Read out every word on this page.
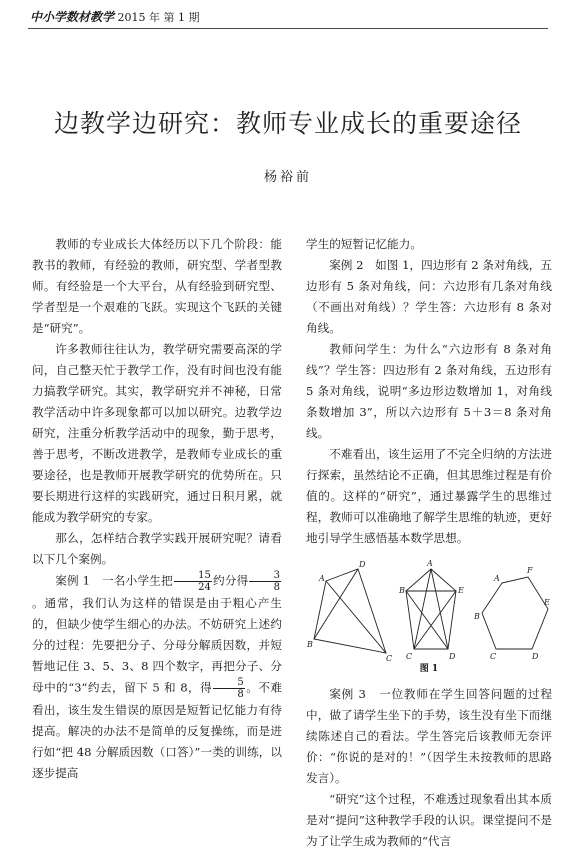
中小学数材教学 2015 年 第 1 期
边教学边研究：教师专业成长的重要途径
杨裕前

教师的专业成长大体经历以下几个阶段：能教书的教师，有经验的教师，研究型、学者型教师。有经验是一个大平台，从有经验到研究型、学者型是一个艰难的飞跃。实现这个飞跃的关键是“研究”。

许多教师往往认为，教学研究需要高深的学问，自己整天忙于教学工作，没有时间也没有能力搞教学研究。其实，教学研究并不神秘，日常教学活动中许多现象都可以加以研究。边教学边研究，注重分析教学活动中的现象，勤于思考，善于思考，不断改进教学，是教师专业成长的重要途径，也是教师开展教学研究的优势所在。只要长期进行这样的实践研究，通过日积月累，就能成为教学研究的专家。

那么，怎样结合教学实践开展研究呢？请看以下几个案例。

案例 1　一名小学生把 $\frac{15}{24}$ 约分得 $\frac{3}{8}$
。通常，我们认为这样的错误是由于粗心产生的，但缺少使学生细心的办法。不妨研究上述约分的过程：先要把分子、分母分解质因数，并短暂地记住 3、5、3、8 四个数字，再把分子、分母中的“3”约去，留下 5 和 8，得 $\frac{5}{8}$ 。不难看出，该生发生错误的原因是短暂记忆能力有待提高。解决的办法不是简单的反复操练，而是进行如“把 48 分解质因数（口答）”一类的训练，以逐步提高

学生的短暂记忆能力。

案例 2　如图 1，四边形有 2 条对角线，五边形有 5 条对角线，问：六边形有几条对角线（不画出对角线）？学生答：六边形有 8 条对角线。

教师问学生：为什么“六边形有 8 条对角线”？学生答：四边形有 2 条对角线，五边形有 5 条对角线，说明“多边形边数增加 1，对角线条数增加 3”，所以六边形有 5＋3＝8 条对角线。

不难看出，该生运用了不完全归纳的方法进行探索，虽然结论不正确，但其思维过程是有价值的。这样的“研究”，通过暴露学生的思维过程，教师可以准确地了解学生思维的轨迹，更好地引导学生感悟基本数学思想。

A
B
C
D	A
B
C	D
E
A
B
C	D
E
F
图 1

案例 3　一位教师在学生回答问题的过程中，做了请学生坐下的手势，该生没有坐下而继续陈述自己的看法。学生答完后该教师无奈评价：“你说的是对的！”（因学生未按教师的思路发言）。

“研究”这个过程，不难透过现象看出其本质是对“提问”这种教学手段的认识。课堂提问不是为了让学生成为教师的“代言
